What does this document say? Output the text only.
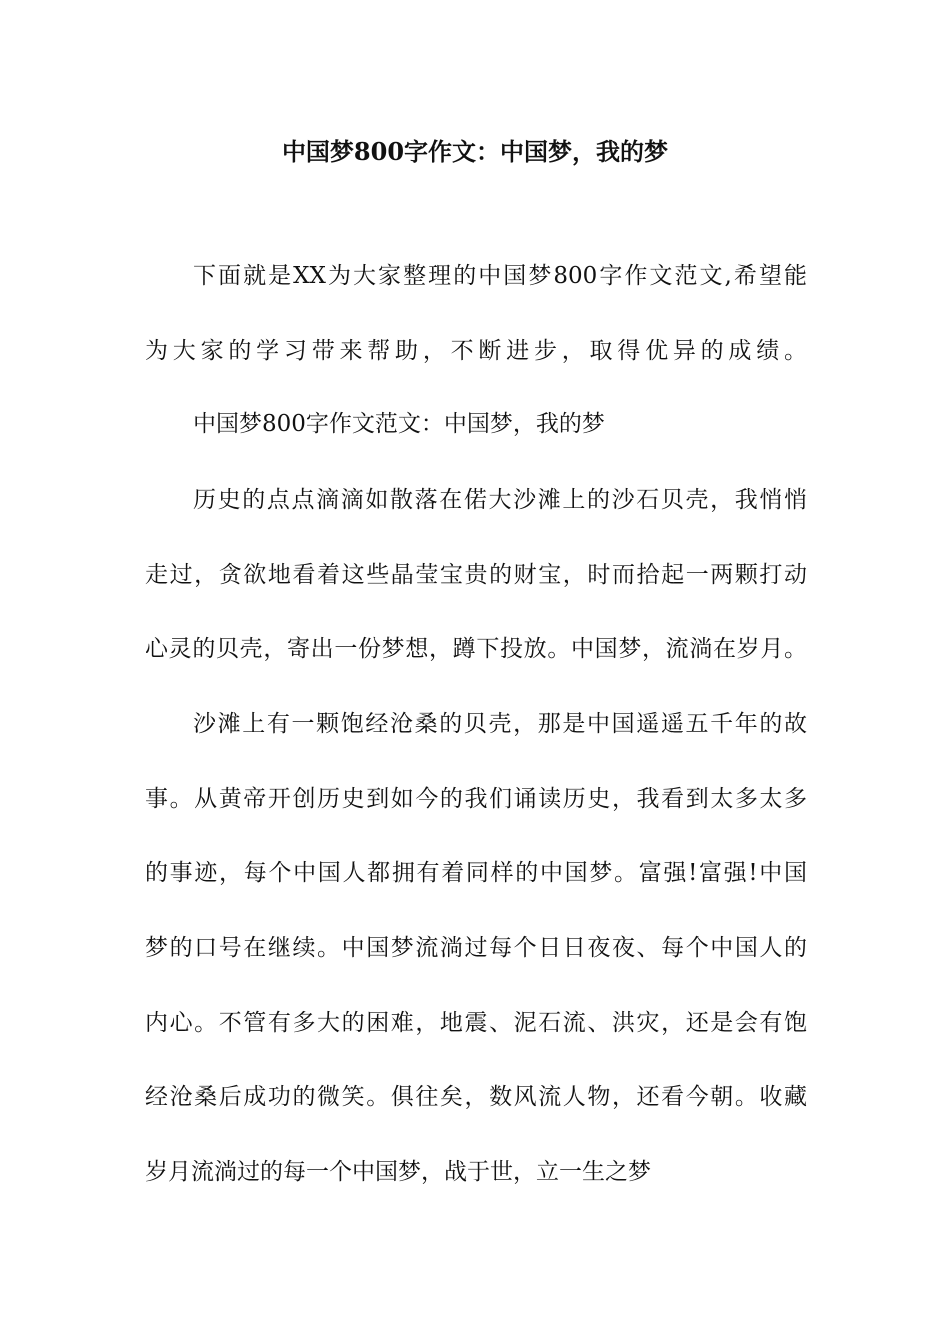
中国梦800字作文：中国梦，我的梦

下面就是XX为大家整理的中国梦800字作文范文,希望能

为大家的学习带来帮助，不断进步，取得优异的成绩。

中国梦800字作文范文：中国梦，我的梦

历史的点点滴滴如散落在偌大沙滩上的沙石贝壳，我悄悄

走过，贪欲地看着这些晶莹宝贵的财宝，时而拾起一两颗打动

心灵的贝壳，寄出一份梦想，蹲下投放。中国梦，流淌在岁月。

沙滩上有一颗饱经沧桑的贝壳，那是中国遥遥五千年的故

事。从黄帝开创历史到如今的我们诵读历史，我看到太多太多

的事迹，每个中国人都拥有着同样的中国梦。富强!富强!中国

梦的口号在继续。中国梦流淌过每个日日夜夜、每个中国人的

内心。不管有多大的困难，地震、泥石流、洪灾，还是会有饱

经沧桑后成功的微笑。俱往矣，数风流人物，还看今朝。收藏

岁月流淌过的每一个中国梦，战于世，立一生之梦
